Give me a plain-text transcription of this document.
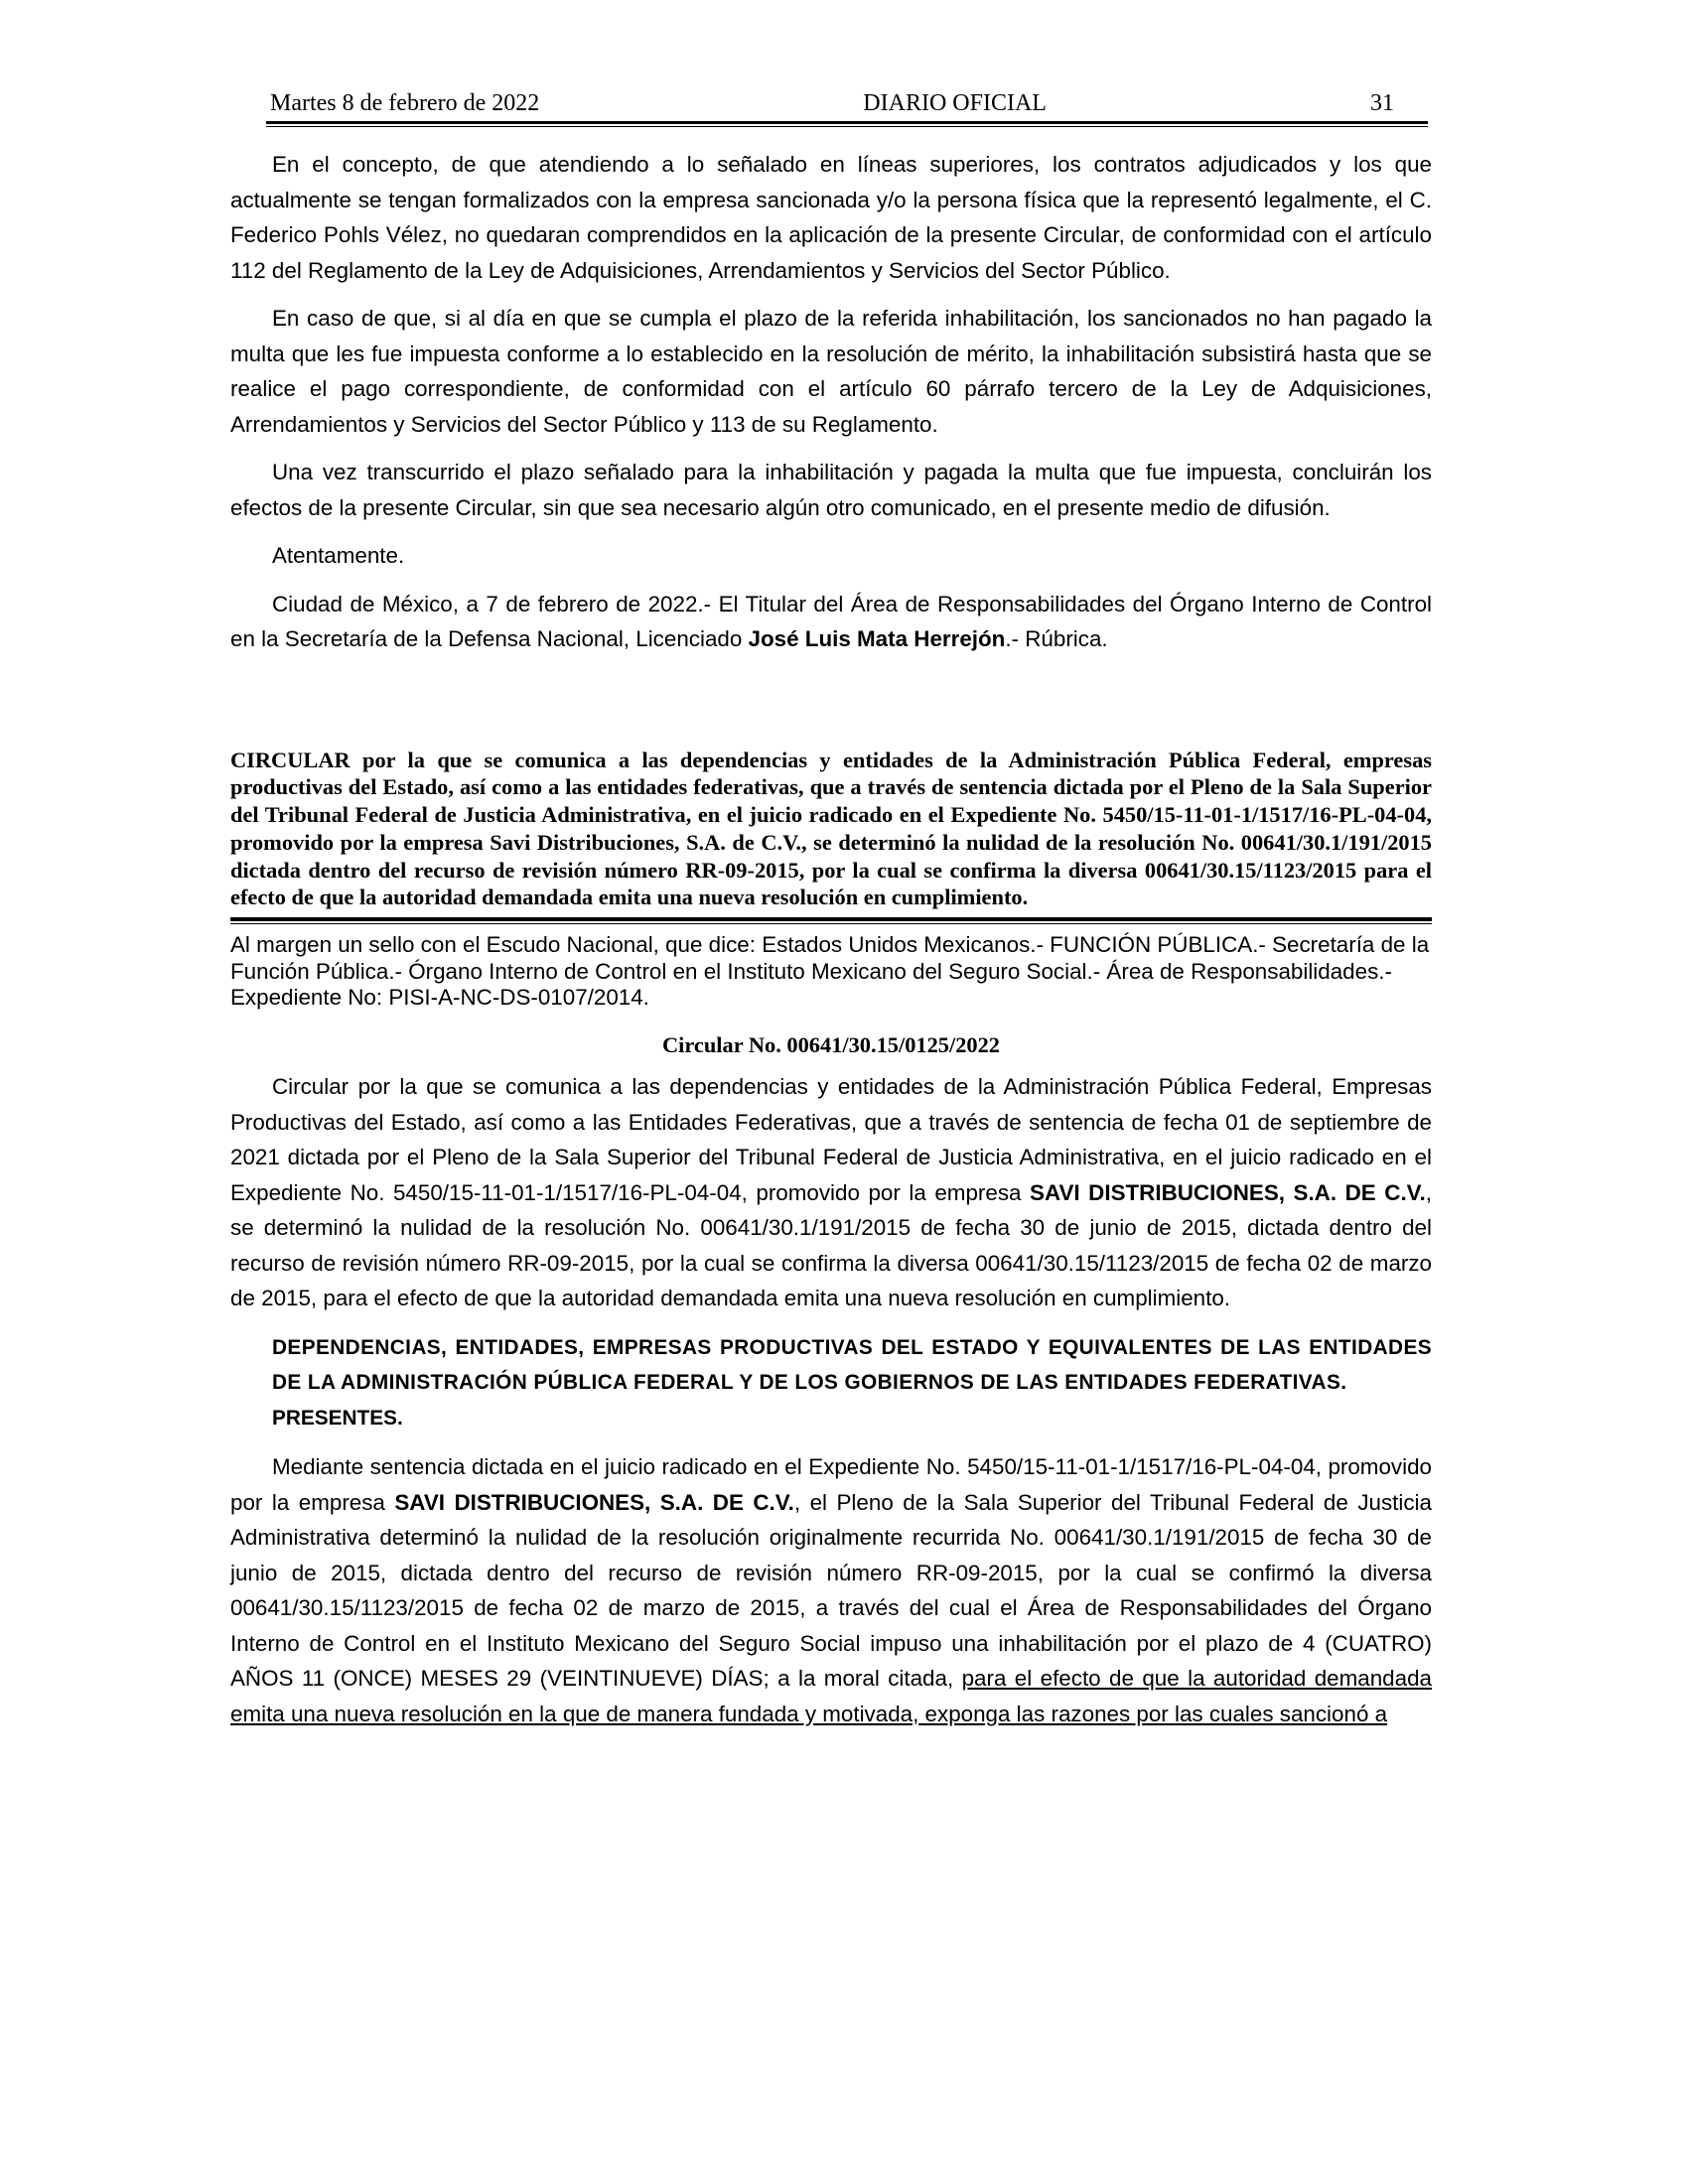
Martes 8 de febrero de 2022	DIARIO OFICIAL	31

En el concepto, de que atendiendo a lo señalado en líneas superiores, los contratos adjudicados y los que actualmente se tengan formalizados con la empresa sancionada y/o la persona física que la representó legalmente, el C. Federico Pohls Vélez, no quedaran comprendidos en la aplicación de la presente Circular, de conformidad con el artículo 112 del Reglamento de la Ley de Adquisiciones, Arrendamientos y Servicios del Sector Público.

En caso de que, si al día en que se cumpla el plazo de la referida inhabilitación, los sancionados no han pagado la multa que les fue impuesta conforme a lo establecido en la resolución de mérito, la inhabilitación subsistirá hasta que se realice el pago correspondiente, de conformidad con el artículo 60 párrafo tercero de la Ley de Adquisiciones, Arrendamientos y Servicios del Sector Público y 113 de su Reglamento.

Una vez transcurrido el plazo señalado para la inhabilitación y pagada la multa que fue impuesta, concluirán los efectos de la presente Circular, sin que sea necesario algún otro comunicado, en el presente medio de difusión.

Atentamente.

Ciudad de México, a 7 de febrero de 2022.- El Titular del Área de Responsabilidades del Órgano Interno de Control en la Secretaría de la Defensa Nacional, Licenciado José Luis Mata Herrejón.- Rúbrica.

CIRCULAR por la que se comunica a las dependencias y entidades de la Administración Pública Federal, empresas productivas del Estado, así como a las entidades federativas, que a través de sentencia dictada por el Pleno de la Sala Superior del Tribunal Federal de Justicia Administrativa, en el juicio radicado en el Expediente No. 5450/15-11-01-1/1517/16-PL-04-04, promovido por la empresa Savi Distribuciones, S.A. de C.V., se determinó la nulidad de la resolución No. 00641/30.1/191/2015 dictada dentro del recurso de revisión número RR-09-2015, por la cual se confirma la diversa 00641/30.15/1123/2015 para el efecto de que la autoridad demandada emita una nueva resolución en cumplimiento.

Al margen un sello con el Escudo Nacional, que dice: Estados Unidos Mexicanos.- FUNCIÓN PÚBLICA.- Secretaría de la Función Pública.- Órgano Interno de Control en el Instituto Mexicano del Seguro Social.- Área de Responsabilidades.- Expediente No: PISI-A-NC-DS-0107/2014.

Circular No. 00641/30.15/0125/2022

Circular por la que se comunica a las dependencias y entidades de la Administración Pública Federal, Empresas Productivas del Estado, así como a las Entidades Federativas, que a través de sentencia de fecha 01 de septiembre de 2021 dictada por el Pleno de la Sala Superior del Tribunal Federal de Justicia Administrativa, en el juicio radicado en el Expediente No. 5450/15-11-01-1/1517/16-PL-04-04, promovido por la empresa SAVI DISTRIBUCIONES, S.A. DE C.V., se determinó la nulidad de la resolución No. 00641/30.1/191/2015 de fecha 30 de junio de 2015, dictada dentro del recurso de revisión número RR-09-2015, por la cual se confirma la diversa 00641/30.15/1123/2015 de fecha 02 de marzo de 2015, para el efecto de que la autoridad demandada emita una nueva resolución en cumplimiento.

DEPENDENCIAS, ENTIDADES, EMPRESAS PRODUCTIVAS DEL ESTADO Y EQUIVALENTES DE LAS ENTIDADES DE LA ADMINISTRACIÓN PÚBLICA FEDERAL Y DE LOS GOBIERNOS DE LAS ENTIDADES FEDERATIVAS.

PRESENTES.

Mediante sentencia dictada en el juicio radicado en el Expediente No. 5450/15-11-01-1/1517/16-PL-04-04, promovido por la empresa SAVI DISTRIBUCIONES, S.A. DE C.V., el Pleno de la Sala Superior del Tribunal Federal de Justicia Administrativa determinó la nulidad de la resolución originalmente recurrida No. 00641/30.1/191/2015 de fecha 30 de junio de 2015, dictada dentro del recurso de revisión número RR-09-2015, por la cual se confirmó la diversa 00641/30.15/1123/2015 de fecha 02 de marzo de 2015, a través del cual el Área de Responsabilidades del Órgano Interno de Control en el Instituto Mexicano del Seguro Social impuso una inhabilitación por el plazo de 4 (CUATRO) AÑOS 11 (ONCE) MESES 29 (VEINTINUEVE) DÍAS; a la moral citada, para el efecto de que la autoridad demandada emita una nueva resolución en la que de manera fundada y motivada, exponga las razones por las cuales sancionó a
